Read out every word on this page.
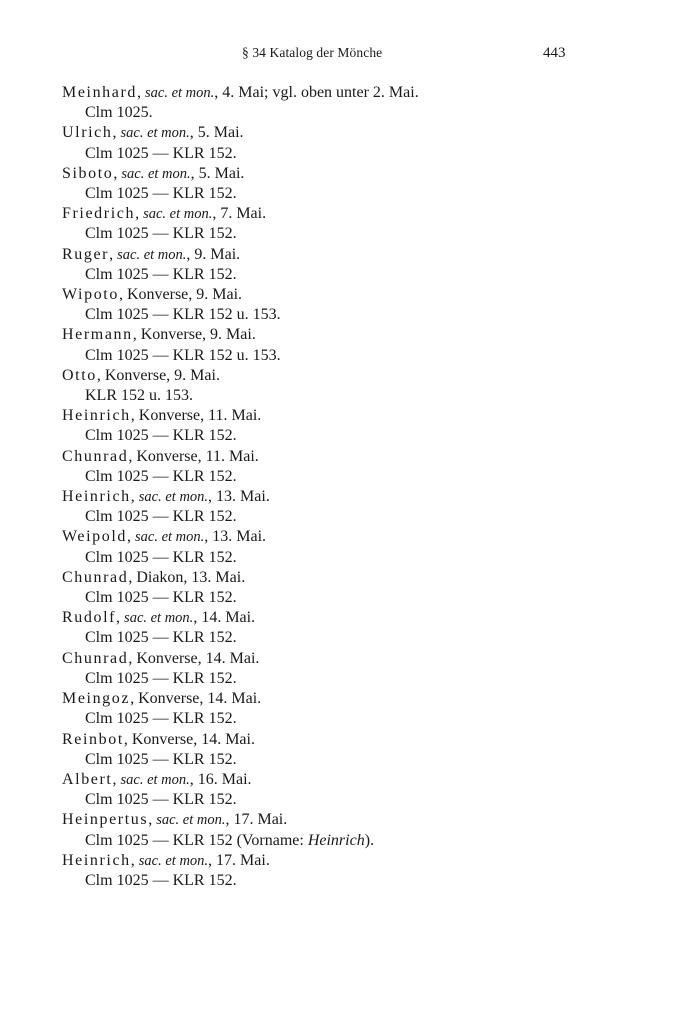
§ 34 Katalog der Mönche	443
Meinhard, sac. et mon., 4. Mai; vgl. oben unter 2. Mai.
Clm 1025.
Ulrich, sac. et mon., 5. Mai.
Clm 1025 — KLR 152.
Siboto, sac. et mon., 5. Mai.
Clm 1025 — KLR 152.
Friedrich, sac. et mon., 7. Mai.
Clm 1025 — KLR 152.
Ruger, sac. et mon., 9. Mai.
Clm 1025 — KLR 152.
Wipoto, Konverse, 9. Mai.
Clm 1025 — KLR 152 u. 153.
Hermann, Konverse, 9. Mai.
Clm 1025 — KLR 152 u. 153.
Otto, Konverse, 9. Mai.
KLR 152 u. 153.
Heinrich, Konverse, 11. Mai.
Clm 1025 — KLR 152.
Chunrad, Konverse, 11. Mai.
Clm 1025 — KLR 152.
Heinrich, sac. et mon., 13. Mai.
Clm 1025 — KLR 152.
Weipold, sac. et mon., 13. Mai.
Clm 1025 — KLR 152.
Chunrad, Diakon, 13. Mai.
Clm 1025 — KLR 152.
Rudolf, sac. et mon., 14. Mai.
Clm 1025 — KLR 152.
Chunrad, Konverse, 14. Mai.
Clm 1025 — KLR 152.
Meingoz, Konverse, 14. Mai.
Clm 1025 — KLR 152.
Reinbot, Konverse, 14. Mai.
Clm 1025 — KLR 152.
Albert, sac. et mon., 16. Mai.
Clm 1025 — KLR 152.
Heinpertus, sac. et mon., 17. Mai.
Clm 1025 — KLR 152 (Vorname: Heinrich).
Heinrich, sac. et mon., 17. Mai.
Clm 1025 — KLR 152.
